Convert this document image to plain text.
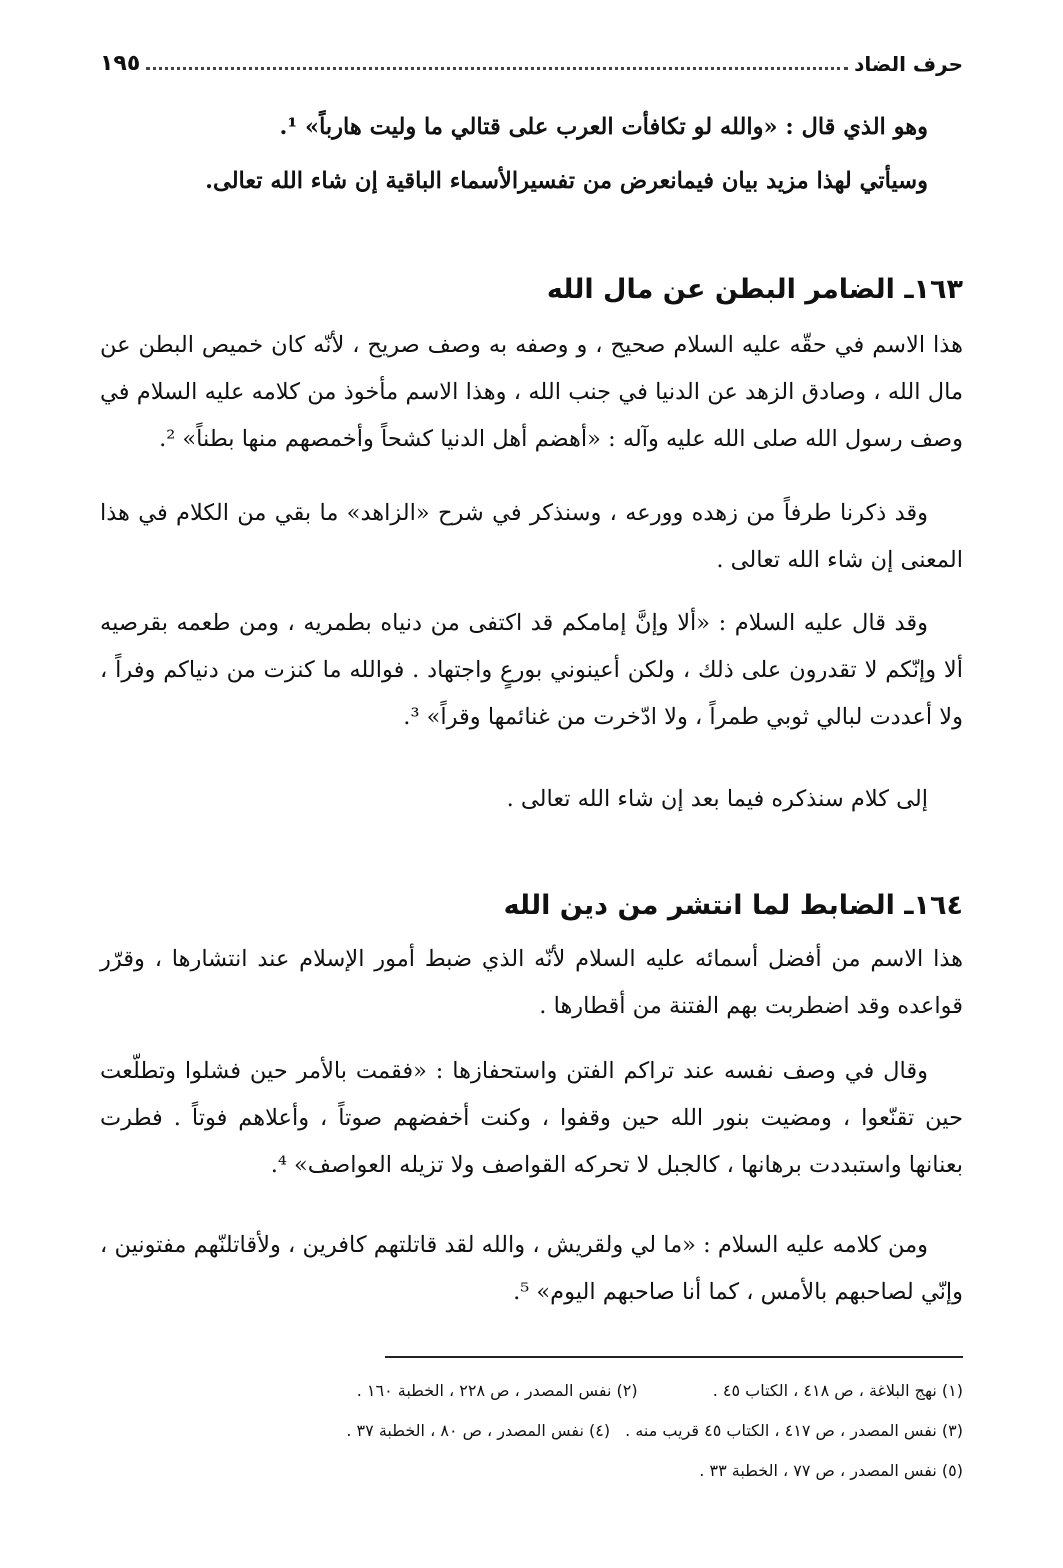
حرف الضاد
١٩٥

وهو الذي قال : «والله لو تكافأت العرب على قتالي ما وليت هارباً» ¹.

وسيأتي لهذا مزيد بيان فيمانعرض من تفسيرالأسماء الباقية إن شاء الله تعالى.

١٦٣ـ الضامر البطن عن مال الله

هذا الاسم في حقّه عليه السلام صحيح ، و وصفه به وصف صريح ، لأنّه كان خميص البطن عن مال الله ، وصادق الزهد عن الدنيا في جنب الله ، وهذا الاسم مأخوذ من كلامه عليه السلام في وصف رسول الله صلى الله عليه وآله : «أهضم أهل الدنيا كشحاً وأخمصهم منها بطناً» ².

وقد ذكرنا طرفاً من زهده وورعه ، وسنذكر في شرح «الزاهد» ما بقي من الكلام في هذا المعنى إن شاء الله تعالى .

وقد قال عليه السلام : «ألا وإنَّ إمامكم قد اكتفى من دنياه بطمريه ، ومن طعمه بقرصيه ألا وإنّكم لا تقدرون على ذلك ، ولكن أعينوني بورعٍ واجتهاد . فوالله ما كنزت من دنياكم وفراً ، ولا أعددت لبالي ثوبي طمراً ، ولا ادّخرت من غنائمها وقراً» ³.

إلى كلام سنذكره فيما بعد إن شاء الله تعالى .

١٦٤ـ الضابط لما انتشر من دين الله

هذا الاسم من أفضل أسمائه عليه السلام لأنّه الذي ضبط أمور الإسلام عند انتشارها ، وقرّر قواعده وقد اضطربت بهم الفتنة من أقطارها .

وقال في وصف نفسه عند تراكم الفتن واستحفازها : «فقمت بالأمر حين فشلوا وتطلّعت حين تقنّعوا ، ومضيت بنور الله حين وقفوا ، وكنت أخفضهم صوتاً ، وأعلاهم فوتاً . فطرت بعنانها واستبددت برهانها ، كالجبل لا تحركه القواصف ولا تزيله العواصف» ⁴.

ومن كلامه عليه السلام : «ما لي ولقريش ، والله لقد قاتلتهم كافرين ، ولأقاتلنّهم مفتونين ، وإنّي لصاحبهم بالأمس ، كما أنا صاحبهم اليوم» ⁵.

(١) نهج البلاغة ، ص ٤١٨ ، الكتاب ٤٥ . (٢) نفس المصدر ، ص ٢٢٨ ، الخطبة ١٦٠ .
(٣) نفس المصدر ، ص ٤١٧ ، الكتاب ٤٥ قريب منه . (٤) نفس المصدر ، ص ٨٠ ، الخطبة ٣٧ .
(٥) نفس المصدر ، ص ٧٧ ، الخطبة ٣٣ .
